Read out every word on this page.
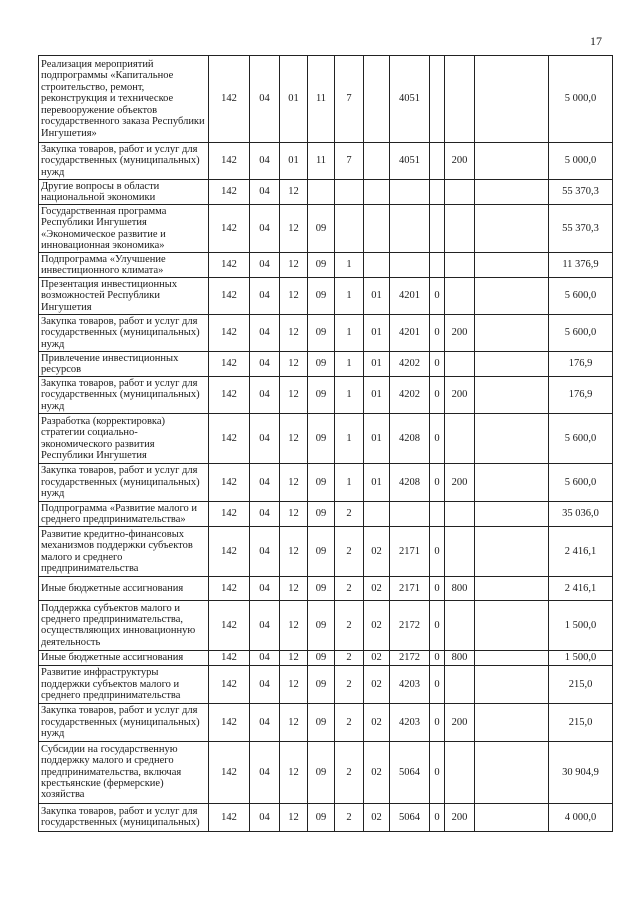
17
Реализация мероприятий подпрограммы «Капитальное строительство, ремонт, реконструкция и техническое перевооружение объектов государственного заказа Республики Ингушетия»	142	04	01	11	7		4051				5 000,0	
Закупка товаров, работ и услуг для государственных (муниципальных) нужд	142	04	01	11	7		4051		200		5 000,0	
Другие вопросы в области национальной экономики	142	04	12								55 370,3	
Государственная программа Республики Ингушетия «Экономическое развитие и инновационная экономика»	142	04	12	09							55 370,3	
Подпрограмма «Улучшение инвестиционного климата»	142	04	12	09	1						11 376,9	
Презентация инвестиционных возможностей Республики Ингушетия	142	04	12	09	1	01	4201	0			5 600,0	
Закупка товаров, работ и услуг для государственных (муниципальных) нужд	142	04	12	09	1	01	4201	0	200		5 600,0	
Привлечение инвестиционных ресурсов	142	04	12	09	1	01	4202	0			176,9	
Закупка товаров, работ и услуг для государственных (муниципальных) нужд	142	04	12	09	1	01	4202	0	200		176,9	
Разработка (корректировка) стратегии социально-экономического развития Республики Ингушетия	142	04	12	09	1	01	4208	0			5 600,0	
Закупка товаров, работ и услуг для государственных (муниципальных) нужд	142	04	12	09	1	01	4208	0	200		5 600,0	
Подпрограмма «Развитие малого и среднего предпринимательства»	142	04	12	09	2						35 036,0	
Развитие кредитно-финансовых механизмов поддержки субъектов малого и среднего предпринимательства	142	04	12	09	2	02	2171	0			2 416,1	
Иные бюджетные ассигнования	142	04	12	09	2	02	2171	0	800		2 416,1	
Поддержка субъектов малого и среднего предпринимательства, осуществляющих инновационную деятельность	142	04	12	09	2	02	2172	0			1 500,0	
Иные бюджетные ассигнования	142	04	12	09	2	02	2172	0	800		1 500,0	
Развитие инфраструктуры поддержки субъектов малого и среднего предпринимательства	142	04	12	09	2	02	4203	0			215,0	
Закупка товаров, работ и услуг для государственных (муниципальных) нужд	142	04	12	09	2	02	4203	0	200		215,0	
Субсидии на государственную поддержку малого и среднего предпринимательства, включая крестьянские (фермерские) хозяйства	142	04	12	09	2	02	5064	0			30 904,9	
Закупка товаров, работ и услуг для государственных (муниципальных)	142	04	12	09	2	02	5064	0	200		4 000,0	
